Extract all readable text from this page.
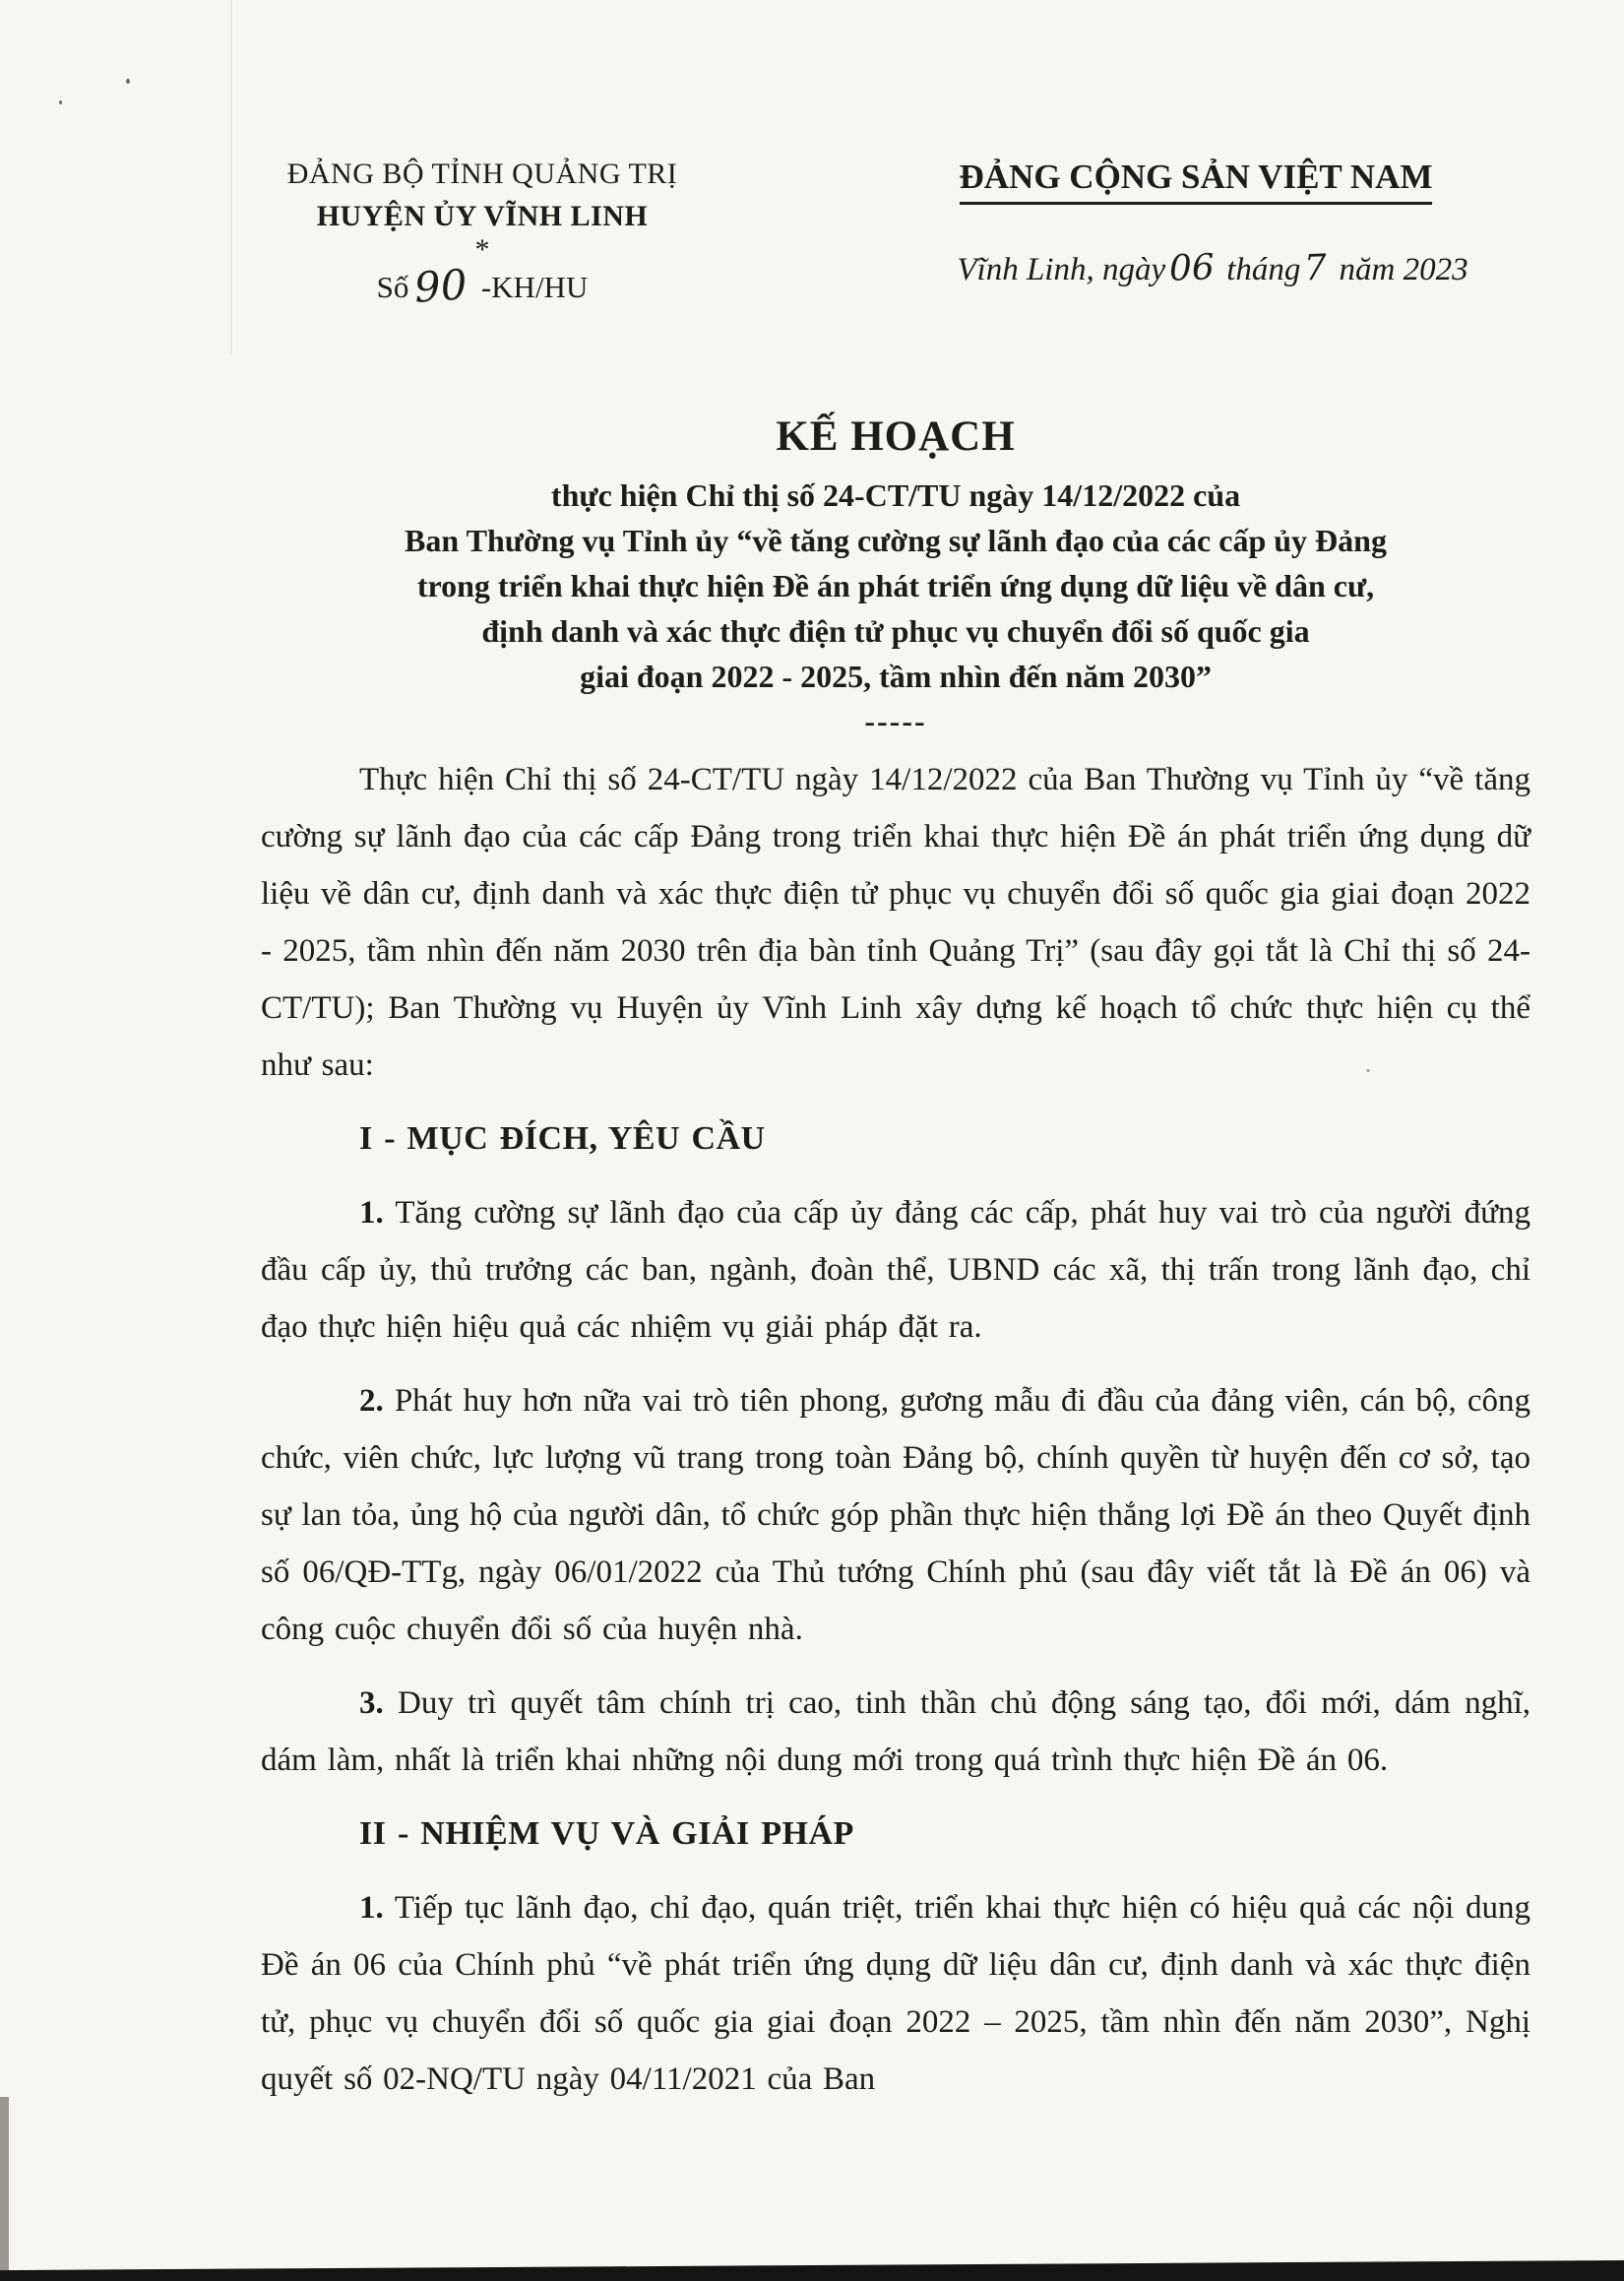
ĐẢNG BỘ TỈNH QUẢNG TRỊ
HUYỆN ỦY VĨNH LINH
*
Số 90 -KH/HU
ĐẢNG CỘNG SẢN VIỆT NAM
Vĩnh Linh, ngày06 tháng7 năm 2023
KẾ HOẠCH
thực hiện Chỉ thị số 24-CT/TU ngày 14/12/2022 của
Ban Thường vụ Tỉnh ủy “về tăng cường sự lãnh đạo của các cấp ủy Đảng
trong triển khai thực hiện Đề án phát triển ứng dụng dữ liệu về dân cư,
định danh và xác thực điện tử phục vụ chuyển đổi số quốc gia
giai đoạn 2022 - 2025, tầm nhìn đến năm 2030”
-----

Thực hiện Chỉ thị số 24-CT/TU ngày 14/12/2022 của Ban Thường vụ Tỉnh ủy “về tăng cường sự lãnh đạo của các cấp Đảng trong triển khai thực hiện Đề án phát triển ứng dụng dữ liệu về dân cư, định danh và xác thực điện tử phục vụ chuyển đổi số quốc gia giai đoạn 2022 - 2025, tầm nhìn đến năm 2030 trên địa bàn tỉnh Quảng Trị” (sau đây gọi tắt là Chỉ thị số 24-CT/TU); Ban Thường vụ Huyện ủy Vĩnh Linh xây dựng kế hoạch tổ chức thực hiện cụ thể như sau:

I - MỤC ĐÍCH, YÊU CẦU

1. Tăng cường sự lãnh đạo của cấp ủy đảng các cấp, phát huy vai trò của người đứng đầu cấp ủy, thủ trưởng các ban, ngành, đoàn thể, UBND các xã, thị trấn trong lãnh đạo, chỉ đạo thực hiện hiệu quả các nhiệm vụ giải pháp đặt ra.

2. Phát huy hơn nữa vai trò tiên phong, gương mẫu đi đầu của đảng viên, cán bộ, công chức, viên chức, lực lượng vũ trang trong toàn Đảng bộ, chính quyền từ huyện đến cơ sở, tạo sự lan tỏa, ủng hộ của người dân, tổ chức góp phần thực hiện thắng lợi Đề án theo Quyết định số 06/QĐ-TTg, ngày 06/01/2022 của Thủ tướng Chính phủ (sau đây viết tắt là Đề án 06) và công cuộc chuyển đổi số của huyện nhà.

3. Duy trì quyết tâm chính trị cao, tinh thần chủ động sáng tạo, đổi mới, dám nghĩ, dám làm, nhất là triển khai những nội dung mới trong quá trình thực hiện Đề án 06.

II - NHIỆM VỤ VÀ GIẢI PHÁP

1. Tiếp tục lãnh đạo, chỉ đạo, quán triệt, triển khai thực hiện có hiệu quả các nội dung Đề án 06 của Chính phủ “về phát triển ứng dụng dữ liệu dân cư, định danh và xác thực điện tử, phục vụ chuyển đổi số quốc gia giai đoạn 2022 – 2025, tầm nhìn đến năm 2030”, Nghị quyết số 02-NQ/TU ngày 04/11/2021 của Ban
